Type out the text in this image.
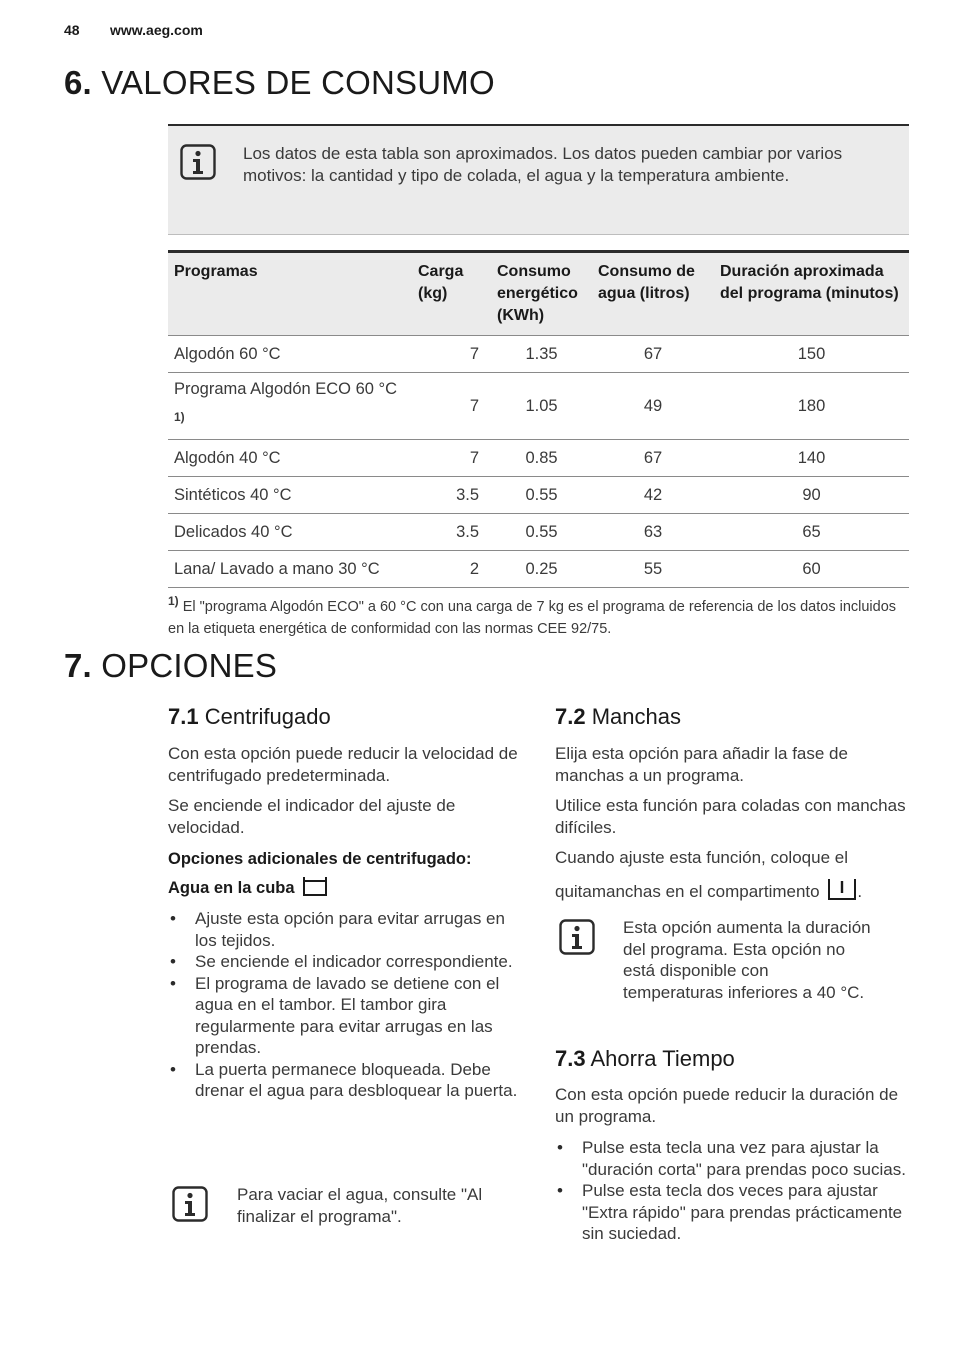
48 www.aeg.com
6. VALORES DE CONSUMO
Los datos de esta tabla son aproximados. Los datos pueden cambiar por varios motivos: la cantidad y tipo de colada, el agua y la temperatura ambiente.
Programas	Carga (kg)	Consumo energético (KWh)	Consumo de agua (litros)	Duración aproximada del programa (minutos)
Algodón 60 °C	7	1.35	67	150
Programa Algodón ECO 60 °C $^{1)}$	7	1.05	49	180
Algodón 40 °C	7	0.85	67	140
Sintéticos 40 °C	3.5	0.55	42	90
Delicados 40 °C	3.5	0.55	63	65
Lana/ Lavado a mano 30 °C	2	0.25	55	60
$^{1)}$ El "programa Algodón ECO" a 60 °C con una carga de 7 kg es el programa de referencia de los datos incluidos en la etiqueta energética de conformidad con las normas CEE 92/75.
7. OPCIONES
7.1 Centrifugado
Con esta opción puede reducir la velocidad de centrifugado predeterminada.
Se enciende el indicador del ajuste de velocidad.
Opciones adicionales de centrifugado:
Agua en la cuba
• Ajuste esta opción para evitar arrugas en los tejidos.
• Se enciende el indicador correspondiente.
• El programa de lavado se detiene con el agua en el tambor. El tambor gira regularmente para evitar arrugas en las prendas.
• La puerta permanece bloqueada. Debe drenar el agua para desbloquear la puerta.
Para vaciar el agua, consulte "Al finalizar el programa".
7.2 Manchas
Elija esta opción para añadir la fase de manchas a un programa.
Utilice esta función para coladas con manchas difíciles.
Cuando ajuste esta función, coloque el
quitamanchas en el compartimento .
Esta opción aumenta la duración del programa. Esta opción no está disponible con temperaturas inferiores a 40 °C.
7.3 Ahorra Tiempo
Con esta opción puede reducir la duración de un programa.
• Pulse esta tecla una vez para ajustar la "duración corta" para prendas poco sucias.
• Pulse esta tecla dos veces para ajustar "Extra rápido" para prendas prácticamente sin suciedad.
